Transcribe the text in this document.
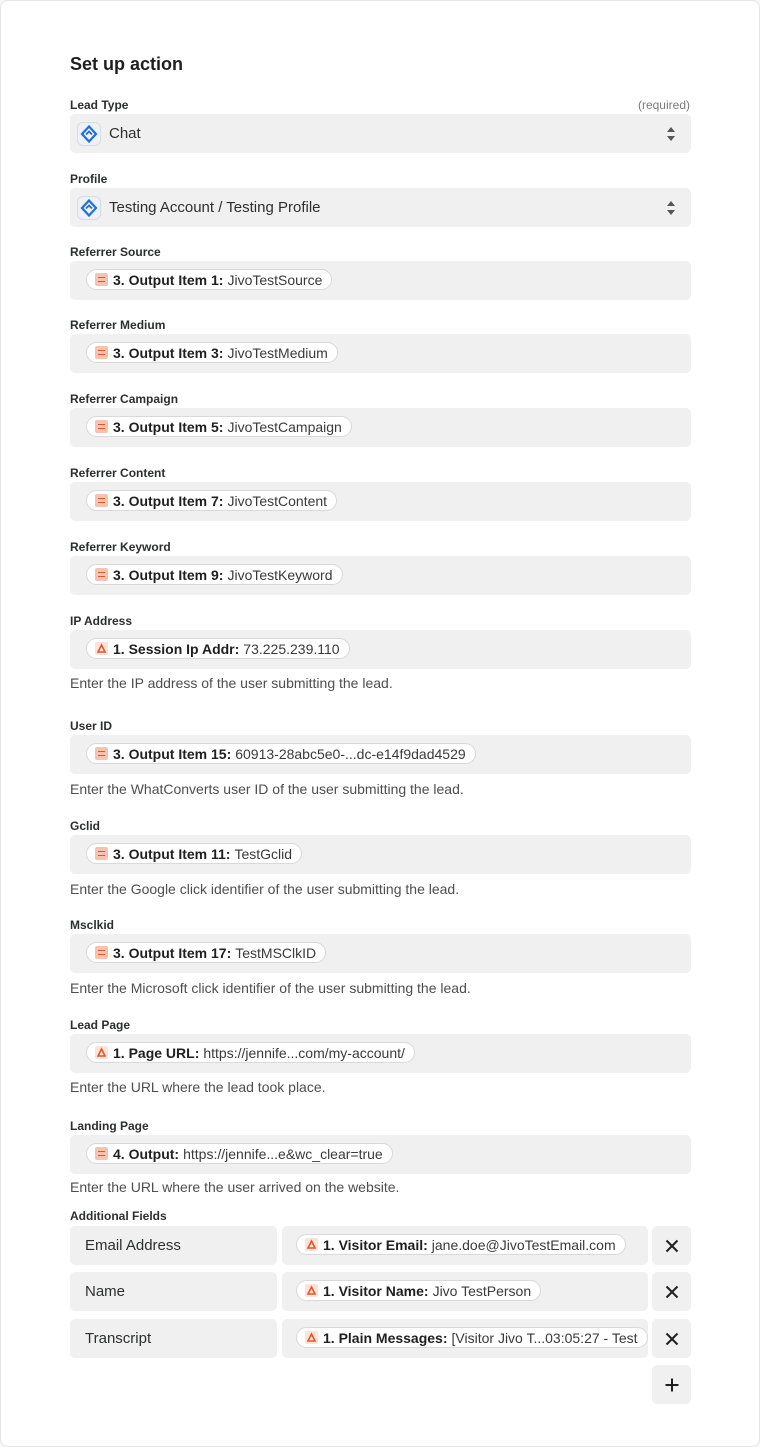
Set up action
Lead Type	(required)
Chat
Profile
Testing Account / Testing Profile
Referrer Source
3. Output Item 1: JivoTestSource
Referrer Medium
3. Output Item 3: JivoTestMedium
Referrer Campaign
3. Output Item 5: JivoTestCampaign
Referrer Content
3. Output Item 7: JivoTestContent
Referrer Keyword
3. Output Item 9: JivoTestKeyword
IP Address
1. Session Ip Addr: 73.225.239.110
Enter the IP address of the user submitting the lead.
User ID
3. Output Item 15: 60913-28abc5e0-...dc-e14f9dad4529
Enter the WhatConverts user ID of the user submitting the lead.
Gclid
3. Output Item 11: TestGclid
Enter the Google click identifier of the user submitting the lead.
Msclkid
3. Output Item 17: TestMSClkID
Enter the Microsoft click identifier of the user submitting the lead.
Lead Page
1. Page URL: https://jennife...com/my-account/
Enter the URL where the lead took place.
Landing Page
4. Output: https://jennife...e&wc_clear=true
Enter the URL where the user arrived on the website.
Additional Fields
Email Address	1. Visitor Email: jane.doe@JivoTestEmail.com
Name	1. Visitor Name: Jivo TestPerson
Transcript	1. Plain Messages: [Visitor Jivo T...03:05:27 - Test
